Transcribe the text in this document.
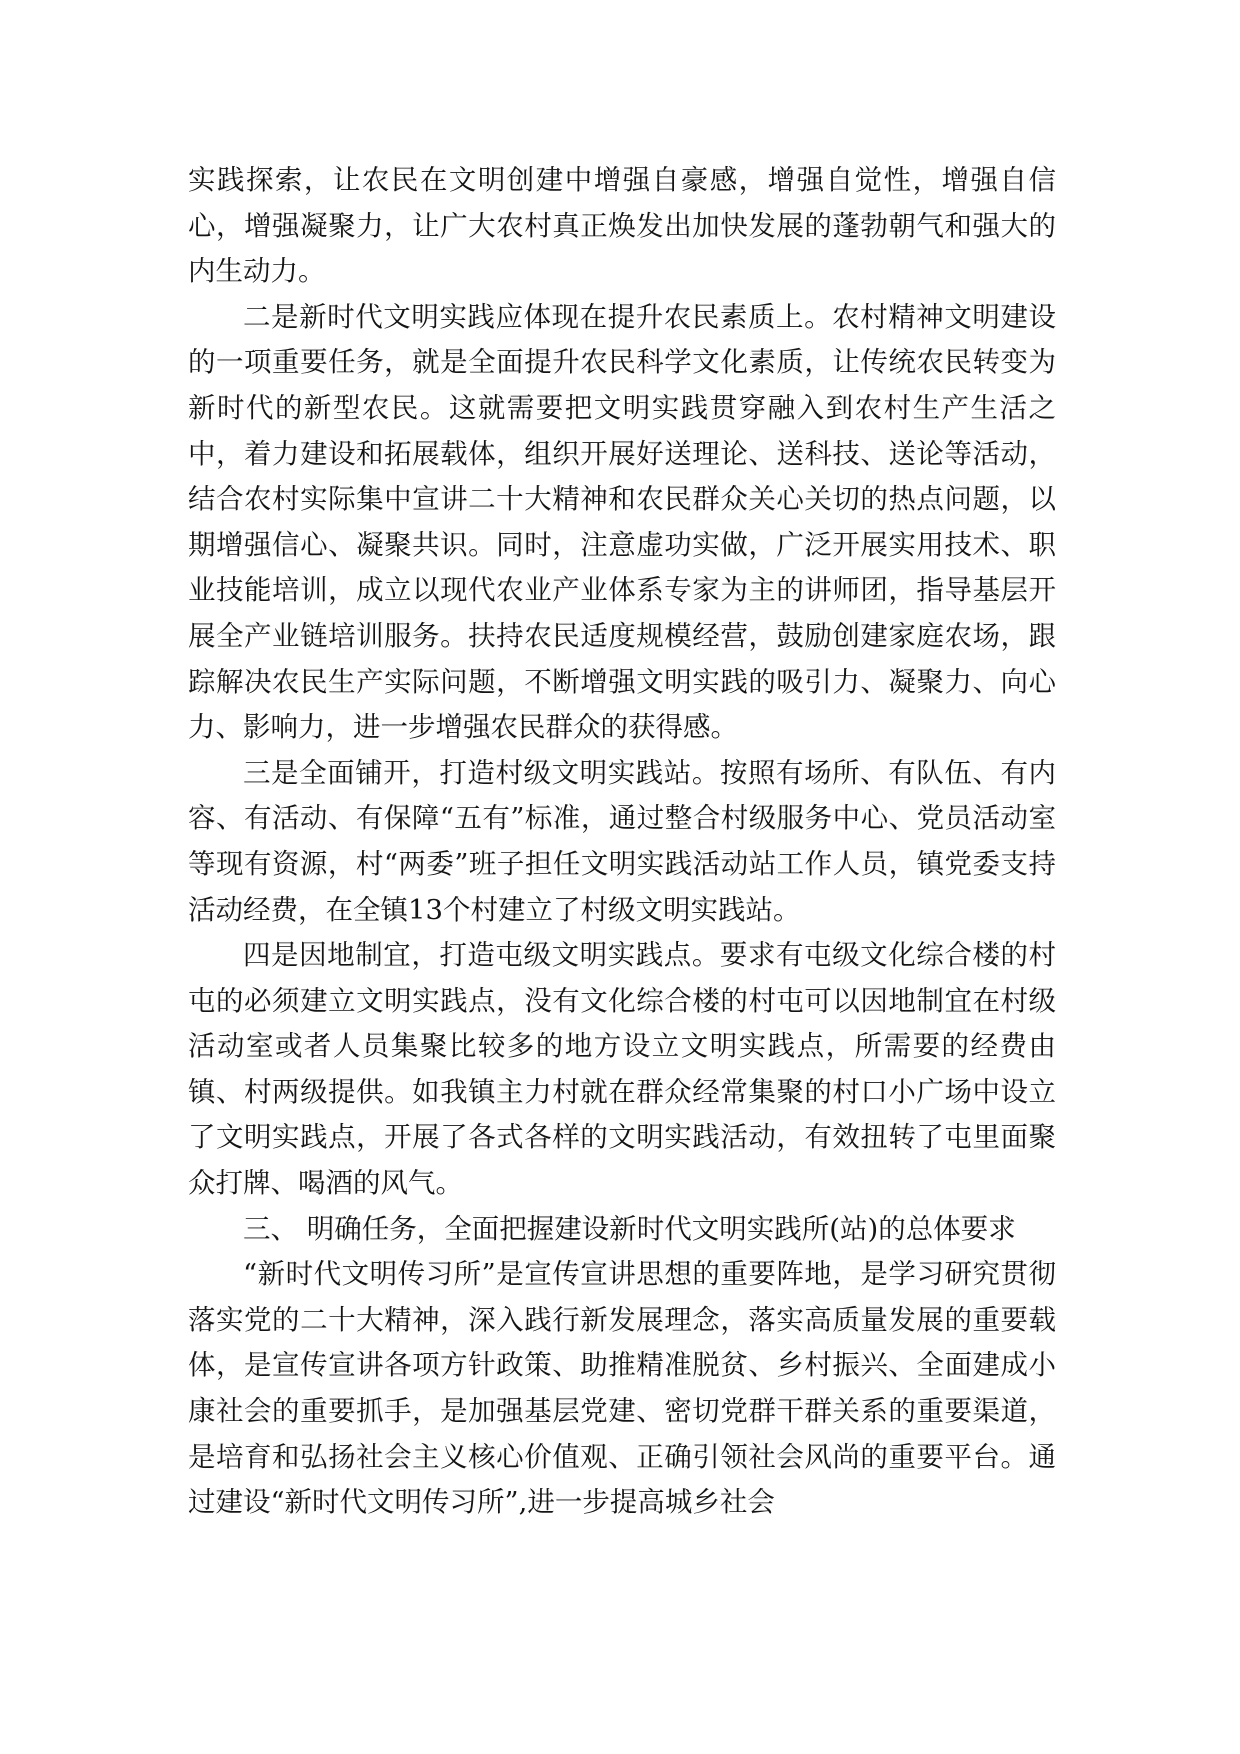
实践探索，让农民在文明创建中增强自豪感，增强自觉性，增强自信心，增强凝聚力，让广大农村真正焕发出加快发展的蓬勃朝气和强大的内生动力。

二是新时代文明实践应体现在提升农民素质上。农村精神文明建设的一项重要任务，就是全面提升农民科学文化素质，让传统农民转变为新时代的新型农民。这就需要把文明实践贯穿融入到农村生产生活之中，着力建设和拓展载体，组织开展好送理论、送科技、送论等活动，结合农村实际集中宣讲二十大精神和农民群众关心关切的热点问题，以期增强信心、凝聚共识。同时，注意虚功实做，广泛开展实用技术、职业技能培训，成立以现代农业产业体系专家为主的讲师团，指导基层开展全产业链培训服务。扶持农民适度规模经营，鼓励创建家庭农场，跟踪解决农民生产实际问题，不断增强文明实践的吸引力、凝聚力、向心力、影响力，进一步增强农民群众的获得感。

三是全面铺开，打造村级文明实践站。按照有场所、有队伍、有内容、有活动、有保障“五有”标准，通过整合村级服务中心、党员活动室等现有资源，村“两委”班子担任文明实践活动站工作人员，镇党委支持活动经费，在全镇13个村建立了村级文明实践站。

四是因地制宜，打造屯级文明实践点。要求有屯级文化综合楼的村屯的必须建立文明实践点，没有文化综合楼的村屯可以因地制宜在村级活动室或者人员集聚比较多的地方设立文明实践点，所需要的经费由镇、村两级提供。如我镇主力村就在群众经常集聚的村口小广场中设立了文明实践点，开展了各式各样的文明实践活动，有效扭转了屯里面聚众打牌、喝酒的风气。

三、 明确任务，全面把握建设新时代文明实践所(站)的总体要求

“新时代文明传习所”是宣传宣讲思想的重要阵地，是学习研究贯彻落实党的二十大精神，深入践行新发展理念，落实高质量发展的重要载体，是宣传宣讲各项方针政策、助推精准脱贫、乡村振兴、全面建成小康社会的重要抓手，是加强基层党建、密切党群干群关系的重要渠道，是培育和弘扬社会主义核心价值观、正确引领社会风尚的重要平台。通过建设“新时代文明传习所”,进一步提高城乡社会
